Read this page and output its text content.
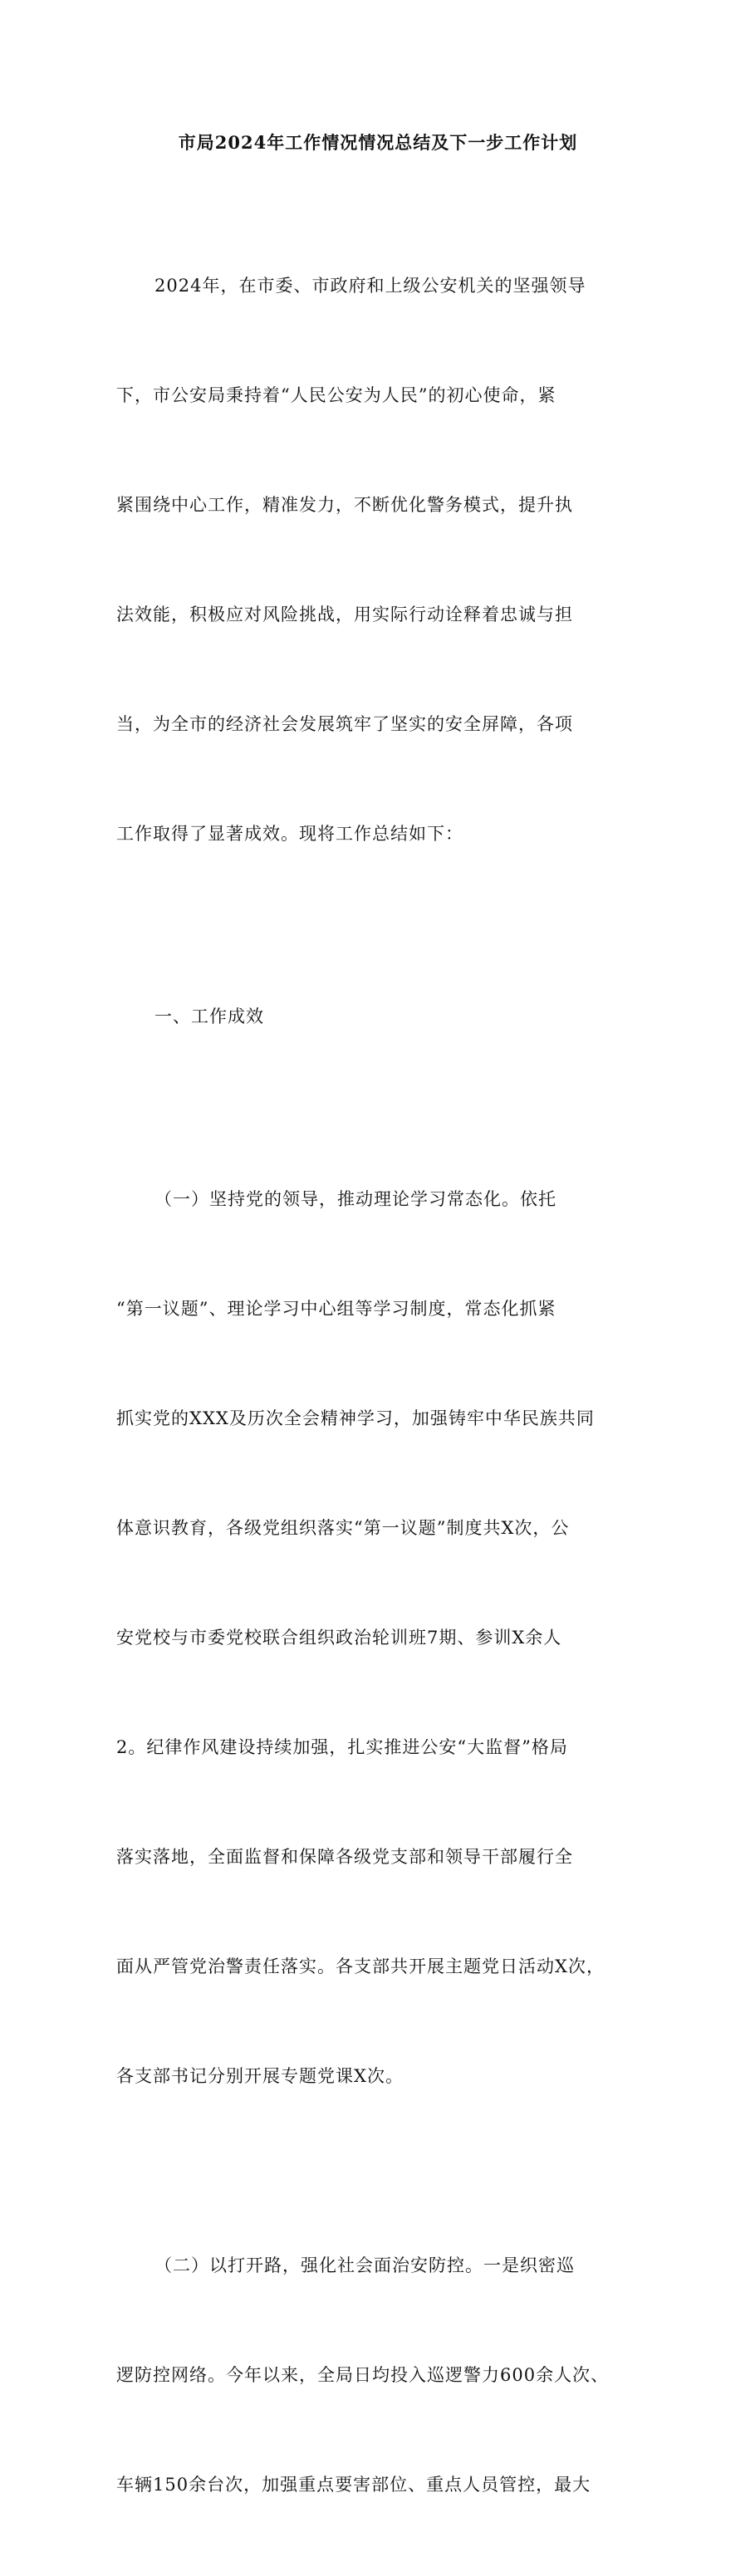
市局2024年工作情况情况总结及下一步工作计划

2024年，在市委、市政府和上级公安机关的坚强领导

下，市公安局秉持着“人民公安为人民”的初心使命，紧

紧围绕中心工作，精准发力，不断优化警务模式，提升执

法效能，积极应对风险挑战，用实际行动诠释着忠诚与担

当，为全市的经济社会发展筑牢了坚实的安全屏障，各项

工作取得了显著成效。现将工作总结如下：

一、工作成效

（一）坚持党的领导，推动理论学习常态化。依托

“第一议题”、理论学习中心组等学习制度，常态化抓紧

抓实党的XXX及历次全会精神学习，加强铸牢中华民族共同

体意识教育，各级党组织落实“第一议题”制度共X次，公

安党校与市委党校联合组织政治轮训班7期、参训X余人

2。纪律作风建设持续加强，扎实推进公安“大监督”格局

落实落地，全面监督和保障各级党支部和领导干部履行全

面从严管党治警责任落实。各支部共开展主题党日活动X次，

各支部书记分别开展专题党课X次。

（二）以打开路，强化社会面治安防控。一是织密巡

逻防控网络。今年以来，全局日均投入巡逻警力600余人次、

车辆150余台次，加强重点要害部位、重点人员管控，最大
